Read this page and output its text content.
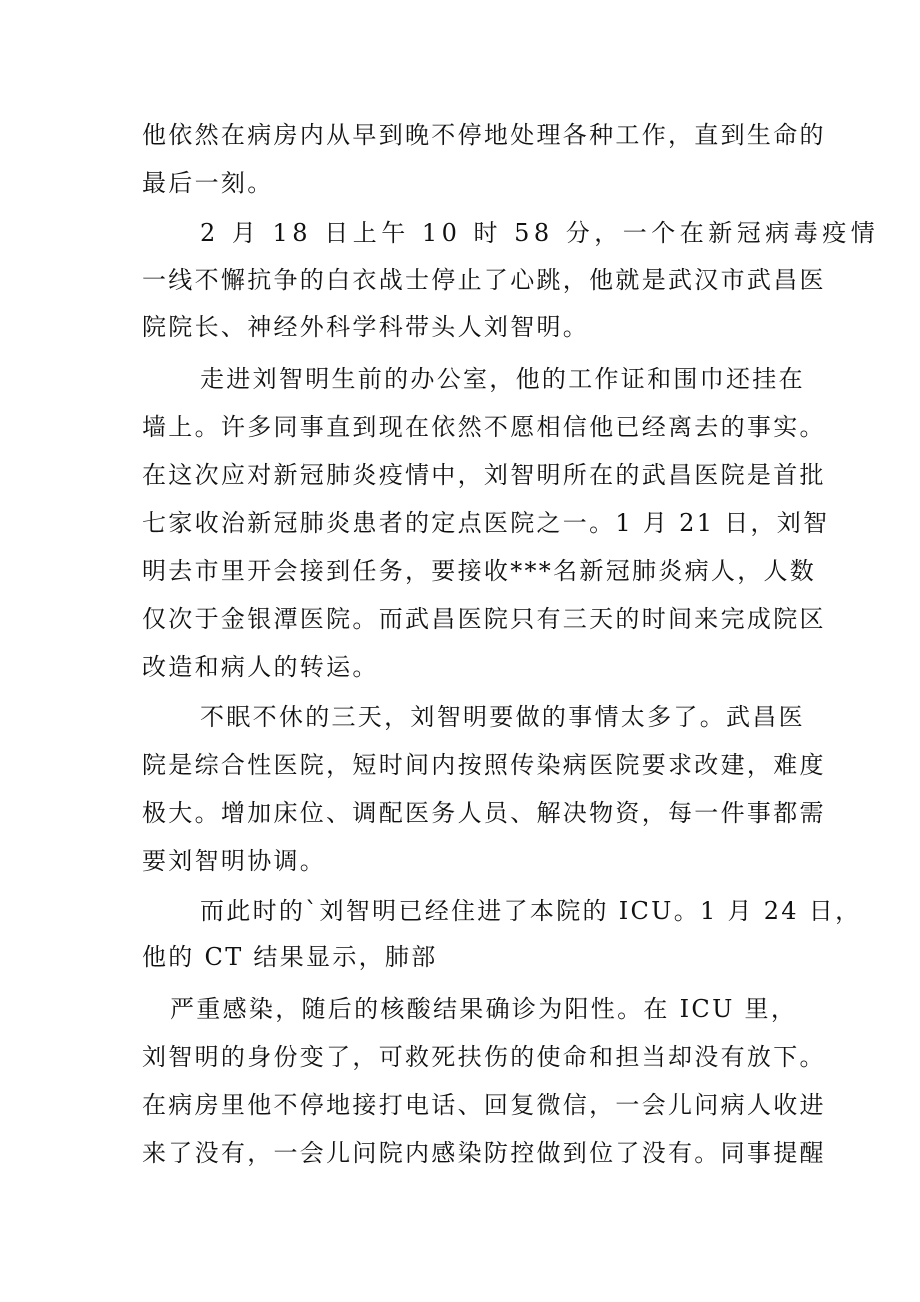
他依然在病房内从早到晚不停地处理各种工作，直到生命的
最后一刻。
2 月 18 日上午 10 时 58 分，一个在新冠病毒疫情
一线不懈抗争的白衣战士停止了心跳，他就是武汉市武昌医
院院长、神经外科学科带头人刘智明。
走进刘智明生前的办公室，他的工作证和围巾还挂在
墙上。许多同事直到现在依然不愿相信他已经离去的事实。
在这次应对新冠肺炎疫情中，刘智明所在的武昌医院是首批
七家收治新冠肺炎患者的定点医院之一。1 月 21 日，刘智
明去市里开会接到任务，要接收***名新冠肺炎病人，人数
仅次于金银潭医院。而武昌医院只有三天的时间来完成院区
改造和病人的转运。
不眠不休的三天，刘智明要做的事情太多了。武昌医
院是综合性医院，短时间内按照传染病医院要求改建，难度
极大。增加床位、调配医务人员、解决物资，每一件事都需
要刘智明协调。
而此时的`刘智明已经住进了本院的 ICU。1 月 24 日，
他的 CT 结果显示，肺部
严重感染，随后的核酸结果确诊为阳性。在 ICU 里，
刘智明的身份变了，可救死扶伤的使命和担当却没有放下。
在病房里他不停地接打电话、回复微信，一会儿问病人收进
来了没有，一会儿问院内感染防控做到位了没有。同事提醒
